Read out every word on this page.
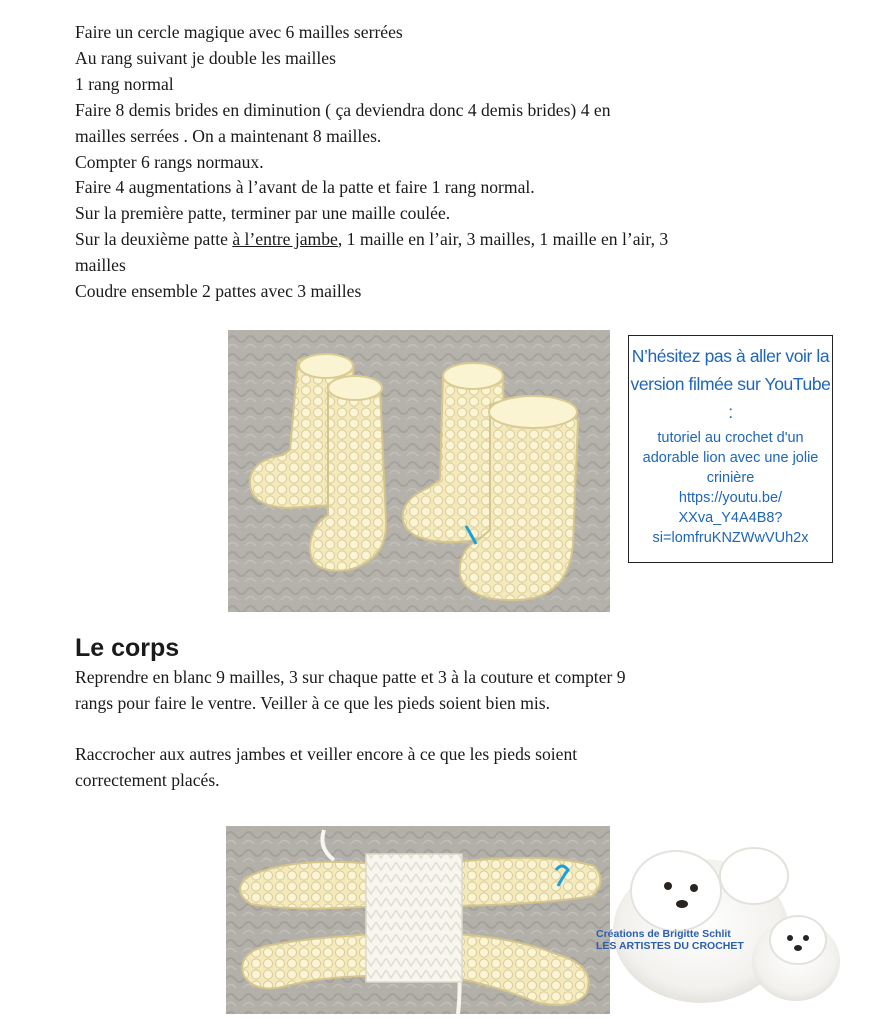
Faire un cercle magique avec 6 mailles serrées
Au rang suivant je double les mailles
1 rang normal
Faire 8 demis brides en diminution ( ça deviendra donc 4 demis brides) 4 en
mailles serrées . On a maintenant 8 mailles.
Compter 6 rangs normaux.
Faire 4 augmentations à l’avant de la patte et faire 1 rang normal.
Sur la première patte, terminer par une maille coulée.
Sur la deuxième patte à l’entre jambe, 1 maille en l’air, 3 mailles, 1 maille en l’air, 3
mailles
Coudre ensemble 2 pattes avec 3 mailles
N’hésitez pas à aller voir la
version filmée sur YouTube :
tutoriel au crochet d'un
adorable lion avec une jolie
crinière
https://youtu.be/
XXva_Y4A4B8?
si=lomfruKNZWwVUh2x
Le corps
Reprendre en blanc 9 mailles, 3 sur chaque patte et 3 à la couture et compter 9
rangs pour faire le ventre. Veiller à ce que les pieds soient bien mis.
Raccrocher aux autres jambes et veiller encore à ce que les pieds soient
correctement placés.
Créations de Brigitte Schlit
LES ARTISTES DU CROCHET
